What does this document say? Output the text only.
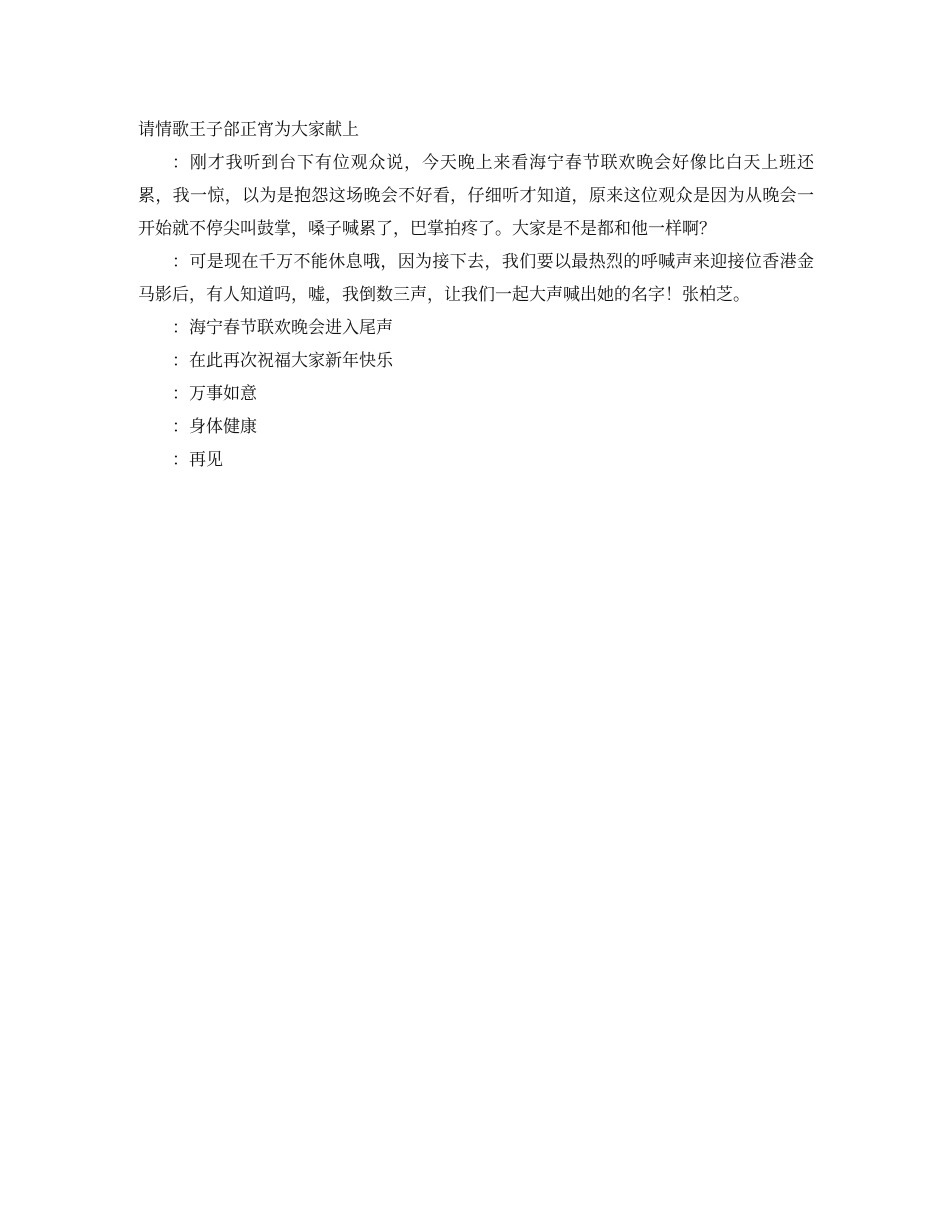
请情歌王子郃正宵为大家献上

：刚才我听到台下有位观众说，今天晚上来看海宁春节联欢晚会好像比白天上班还累，我一惊，以为是抱怨这场晚会不好看，仔细听才知道，原来这位观众是因为从晚会一开始就不停尖叫鼓掌，嗓子喊累了，巴掌拍疼了。大家是不是都和他一样啊？

：可是现在千万不能休息哦，因为接下去，我们要以最热烈的呼喊声来迎接位香港金马影后，有人知道吗，嘘，我倒数三声，让我们一起大声喊出她的名字！张柏芝。

：海宁春节联欢晚会进入尾声

：在此再次祝福大家新年快乐

：万事如意

：身体健康

：再见
